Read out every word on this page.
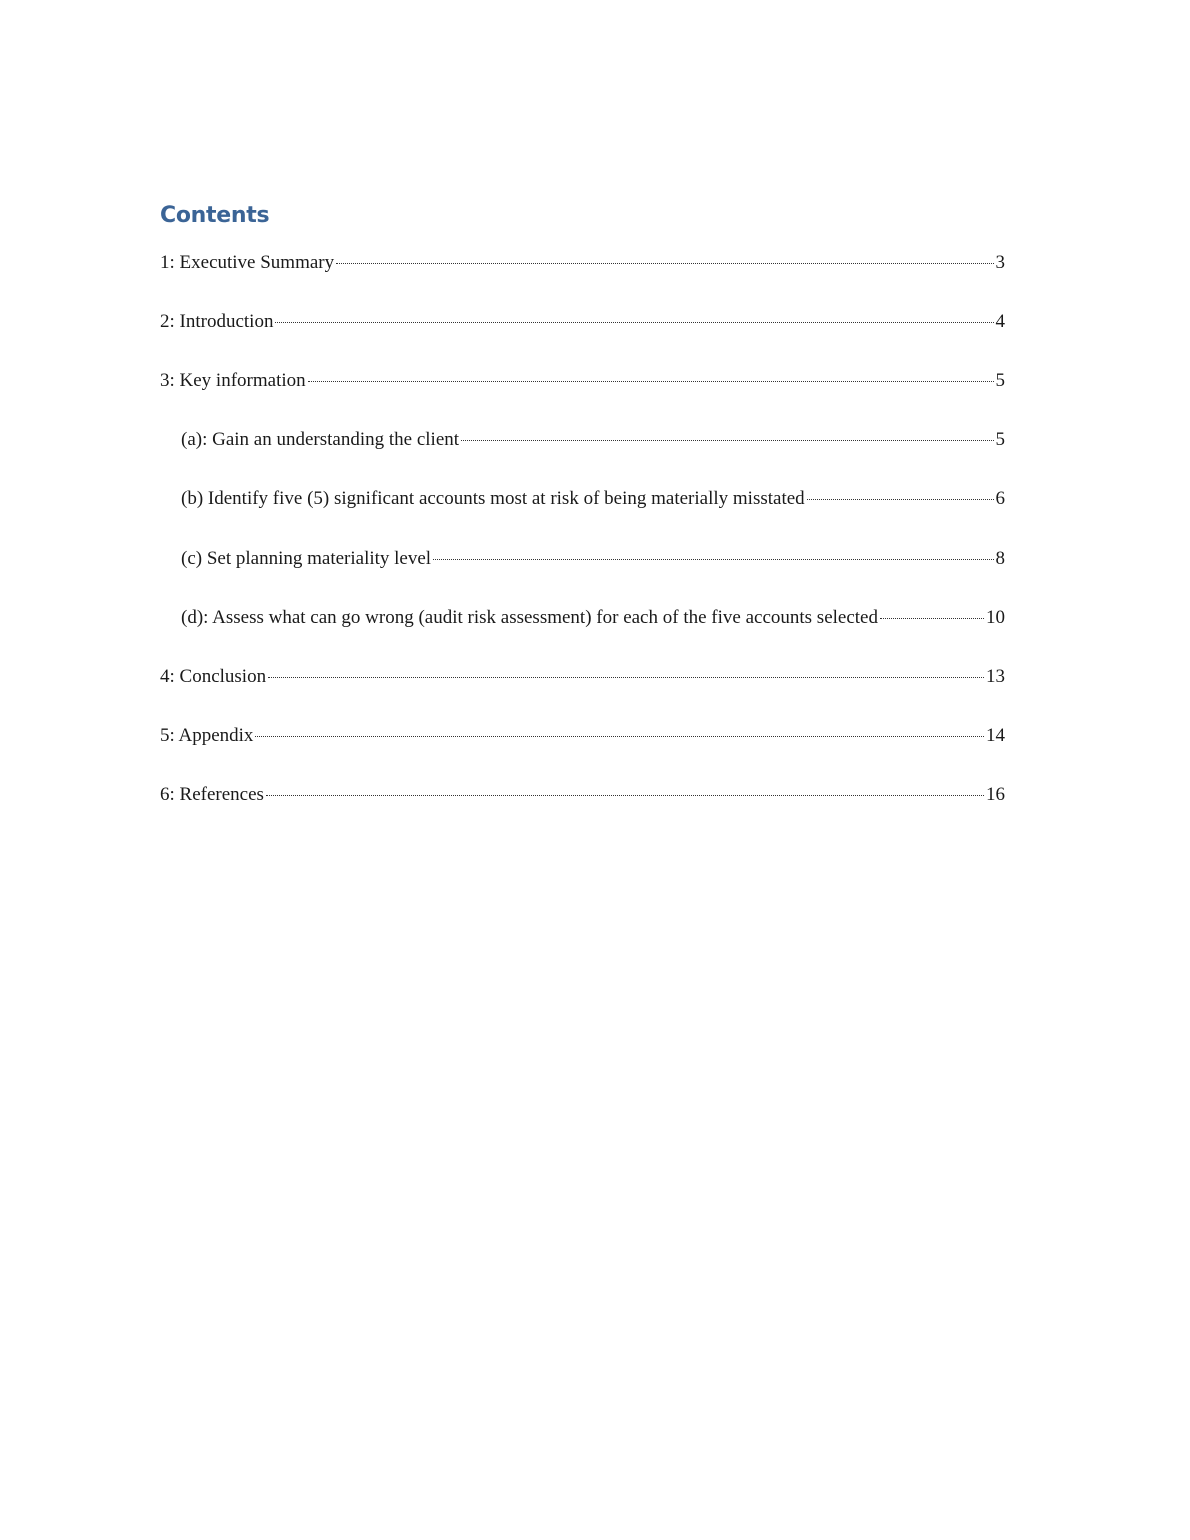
Contents
1: Executive Summary	3
2: Introduction	4
3: Key information	5
(a): Gain an understanding the client	5
(b) Identify five (5) significant accounts most at risk of being materially misstated	6
(c) Set planning materiality level	8
(d): Assess what can go wrong (audit risk assessment) for each of the five accounts selected	10
4: Conclusion	13
5: Appendix	14
6: References	16
